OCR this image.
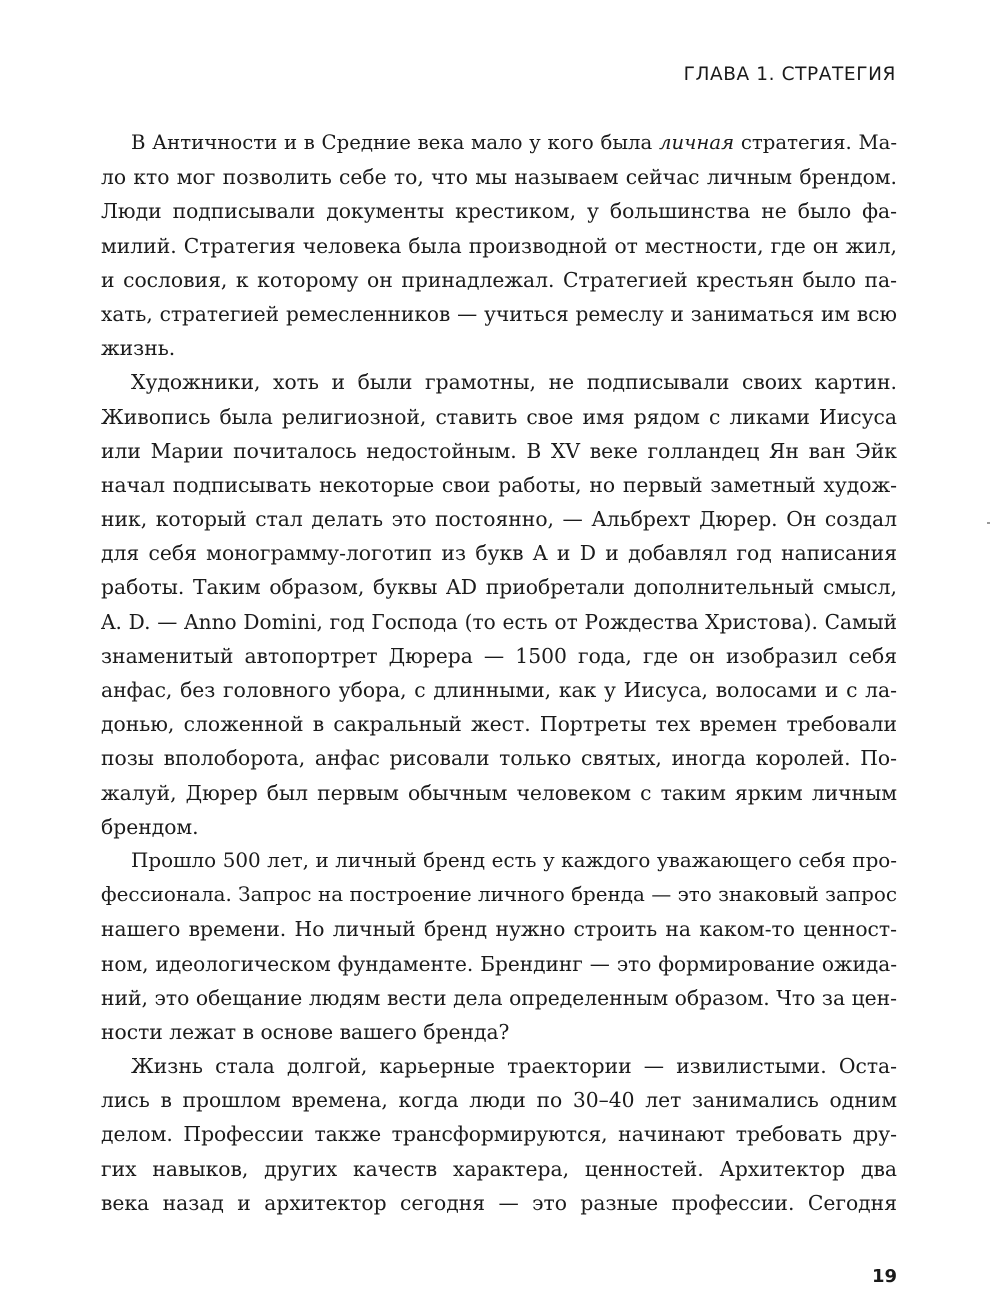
ГЛАВА 1. СТРАТЕГИЯ
В Античности и в Средние века мало у кого была личная стратегия. Ма-
ло кто мог позволить себе то, что мы называем сейчас личным брендом.
Люди подписывали документы крестиком, у большинства не было фа-
милий. Стратегия человека была производной от местности, где он жил,
и сословия, к которому он принадлежал. Стратегией крестьян было па-
хать, стратегией ремесленников — учиться ремеслу и заниматься им всю
жизнь.
Художники, хоть и были грамотны, не подписывали своих картин.
Живопись была религиозной, ставить свое имя рядом с ликами Иисуса
или Марии почиталось недостойным. В XV веке голландец Ян ван Эйк
начал подписывать некоторые свои работы, но первый заметный худож-
ник, который стал делать это постоянно, — Альбрехт Дюрер. Он создал
для себя монограмму-логотип из букв A и D и добавлял год написания
работы. Таким образом, буквы AD приобретали дополнительный смысл,
A. D. — Anno Domini, год Господа (то есть от Рождества Христова). Самый
знаменитый автопортрет Дюрера — 1500 года, где он изобразил себя
анфас, без головного убора, с длинными, как у Иисуса, волосами и с ла-
донью, сложенной в сакральный жест. Портреты тех времен требовали
позы вполоборота, анфас рисовали только святых, иногда королей. По-
жалуй, Дюрер был первым обычным человеком с таким ярким личным
брендом.
Прошло 500 лет, и личный бренд есть у каждого уважающего себя про-
фессионала. Запрос на построение личного бренда — это знаковый запрос
нашего времени. Но личный бренд нужно строить на каком-то ценност-
ном, идеологическом фундаменте. Брендинг — это формирование ожида-
ний, это обещание людям вести дела определенным образом. Что за цен-
ности лежат в основе вашего бренда?
Жизнь стала долгой, карьерные траектории — извилистыми. Оста-
лись в прошлом времена, когда люди по 30–40 лет занимались одним
делом. Профессии также трансформируются, начинают требовать дру-
гих навыков, других качеств характера, ценностей. Архитектор два
века назад и архитектор сегодня — это разные профессии. Сегодня
19
